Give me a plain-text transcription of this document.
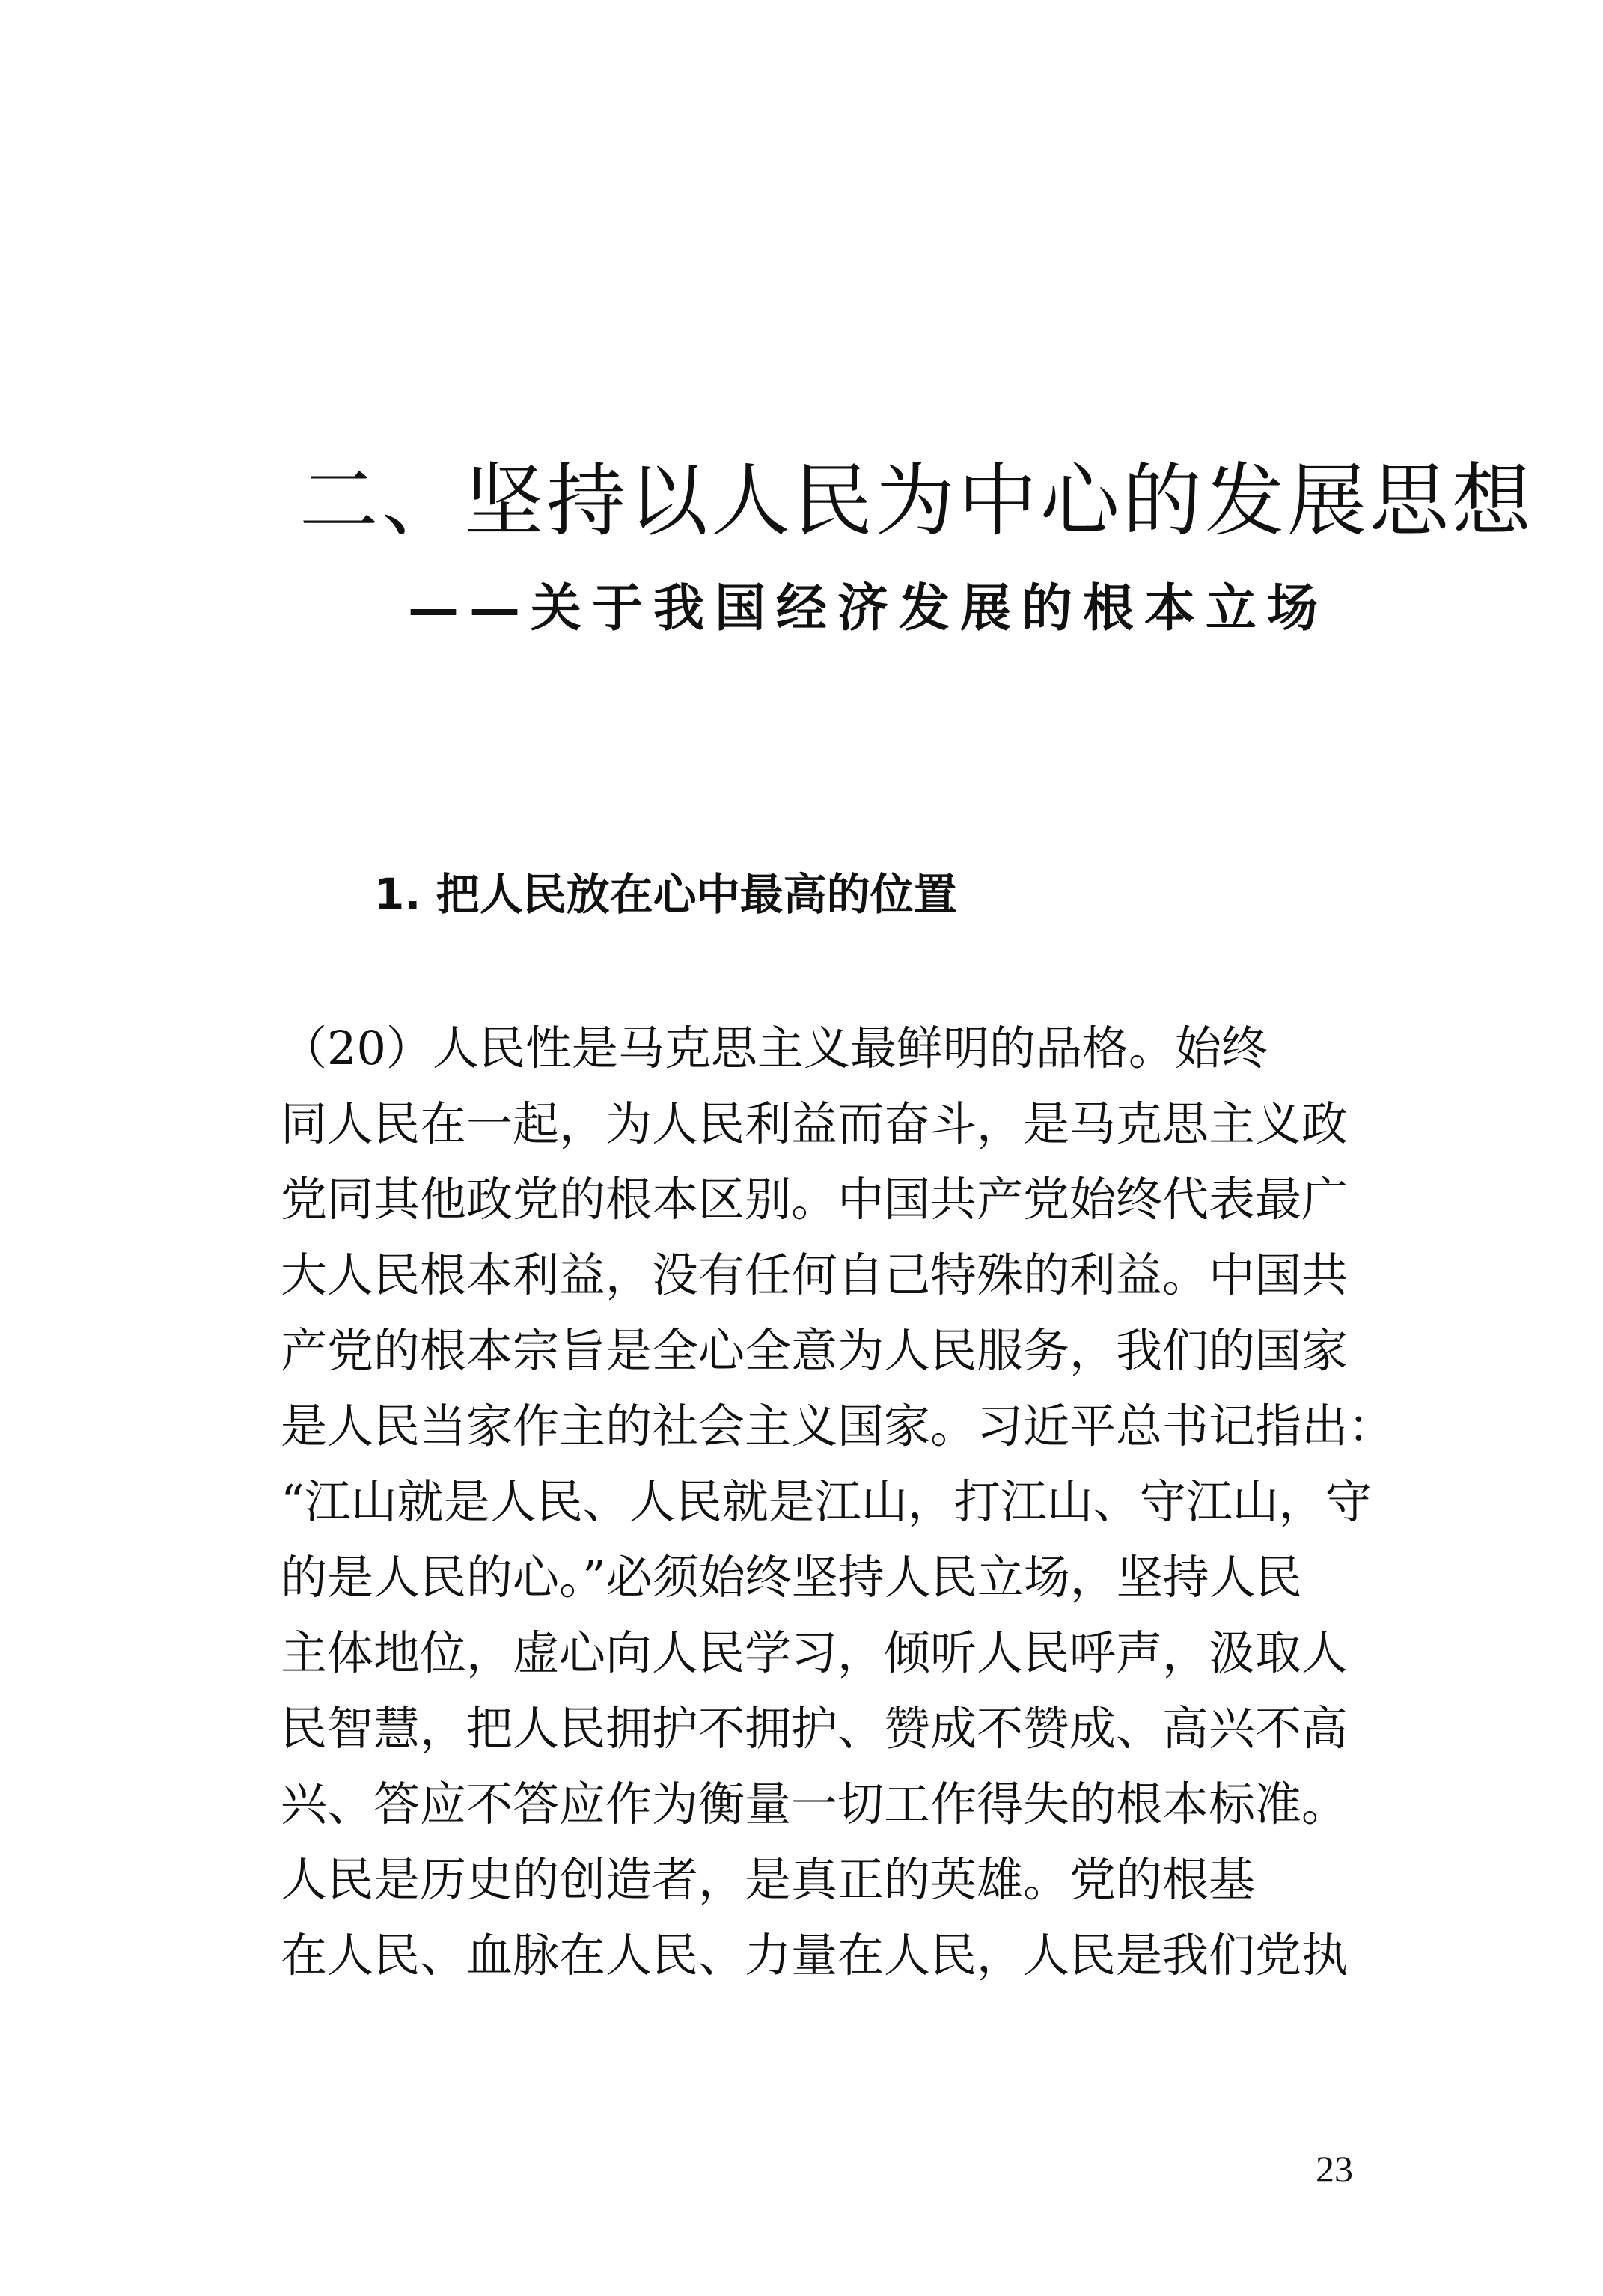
二、坚持以人民为中心的发展思想
——关于我国经济发展的根本立场
1. 把人民放在心中最高的位置
（20）人民性是马克思主义最鲜明的品格。始终
同人民在一起，为人民利益而奋斗，是马克思主义政
党同其他政党的根本区别。中国共产党始终代表最广
大人民根本利益，没有任何自己特殊的利益。中国共
产党的根本宗旨是全心全意为人民服务，我们的国家
是人民当家作主的社会主义国家。习近平总书记指出：
“江山就是人民、人民就是江山，打江山、守江山，守
的是人民的心。”必须始终坚持人民立场，坚持人民
主体地位，虚心向人民学习，倾听人民呼声，汲取人
民智慧，把人民拥护不拥护、赞成不赞成、高兴不高
兴、答应不答应作为衡量一切工作得失的根本标准。
人民是历史的创造者，是真正的英雄。党的根基
在人民、血脉在人民、力量在人民，人民是我们党执
23
